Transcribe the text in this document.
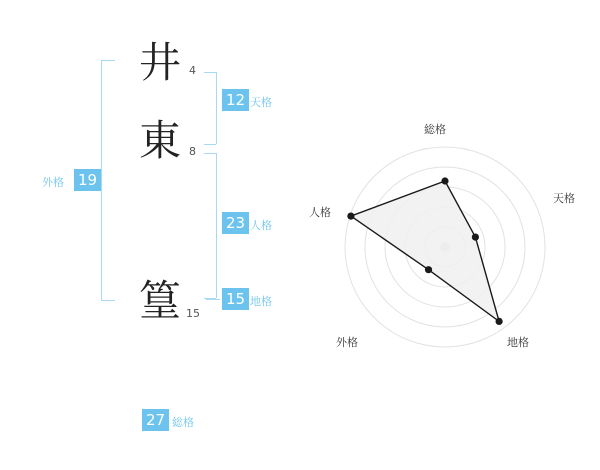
井 4
東 8
篁 15
12 天格
23 人格
15 地格
外格 19
27 総格
総格
天格
地格
外格
人格
